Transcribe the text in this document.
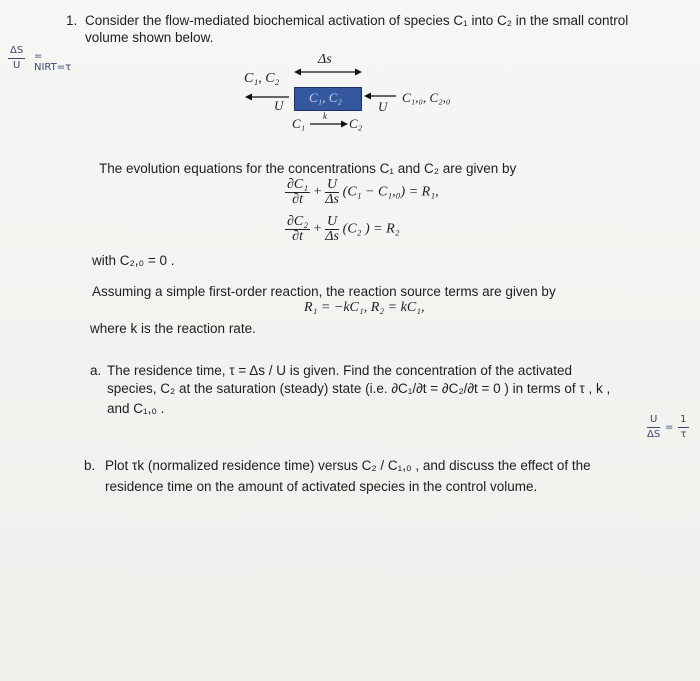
1. Consider the flow-mediated biochemical activation of species C₁ into C₂ in the small control
volume shown below.
$\frac{\Delta S}{U}$ = NIRT=τ
Δs
C₁, C₂
U
C₁, C₂
U
C₁,₀, C₂,₀
C₁ →
k C₂
The evolution equations for the concentrations C₁ and C₂ are given by
$\frac{\text{∂C₁}}{\partial t} + \frac{U}{\Delta s} (C_1 - C_1,_0) = R_1$,
$\frac{\text{∂C₂}}{\partial t} + \frac{U}{\Delta s} (C_2$ ) = R₂
with C₂,₀ = 0 .
Assuming a simple first-order reaction, the reaction source terms are given by
R₁ = −kC₁, R₂ = kC₁,
where k is the reaction rate.
a. The residence time, τ = Δs / U is given. Find the concentration of the activated
species, C₂ at the saturation (steady) state (i.e. ∂C₁/∂t = ∂C₂/∂t = 0 ) in terms of τ , k ,
and C₁,₀ .
$\frac{U}{\Delta S} = \frac{1}{\tau}$
b. Plot τk (normalized residence time) versus C₂ / C₁,₀ , and discuss the effect of the
residence time on the amount of activated species in the control volume.
